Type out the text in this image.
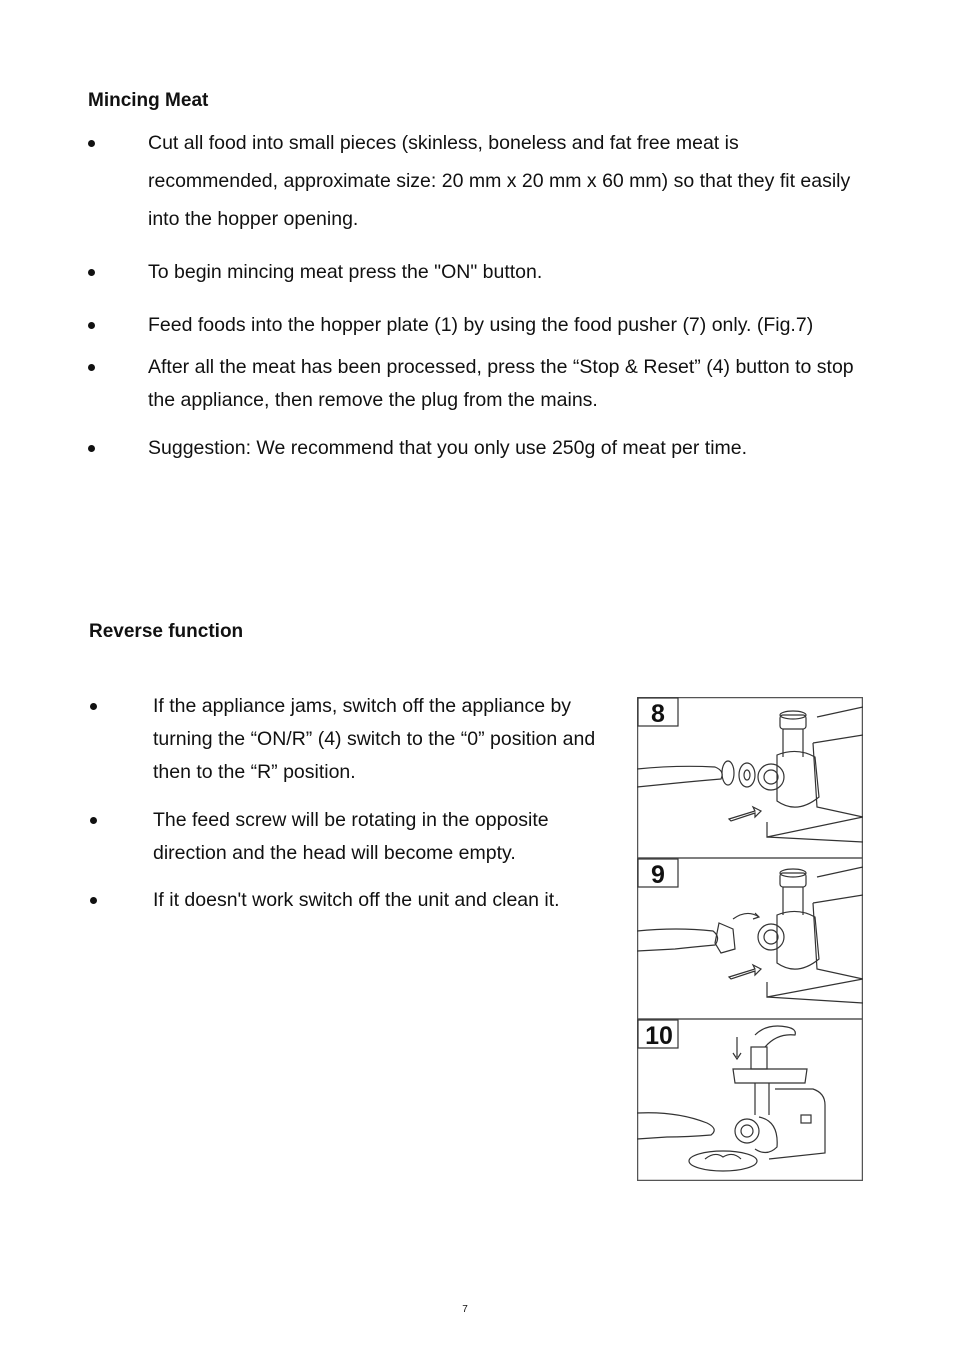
Mincing Meat
Cut all food into small pieces (skinless, boneless and fat free meat is recommended, approximate size: 20 mm x 20 mm x 60 mm) so that they fit easily into the hopper opening.
To begin mincing meat press the "ON" button.
Feed foods into the hopper plate (1) by using the food pusher (7) only. (Fig.7)
After all the meat has been processed, press the “Stop & Reset” (4) button to stop the appliance, then remove the plug from the mains.
Suggestion: We recommend that you only use 250g of meat per time.
Reverse function
If the appliance jams, switch off the appliance by turning the “ON/R” (4) switch to the “0” position and then to the “R” position.
The feed screw will be rotating in the opposite direction and the head will become empty.
If it doesn't work switch off the unit and clean it.
8
9
10
7
